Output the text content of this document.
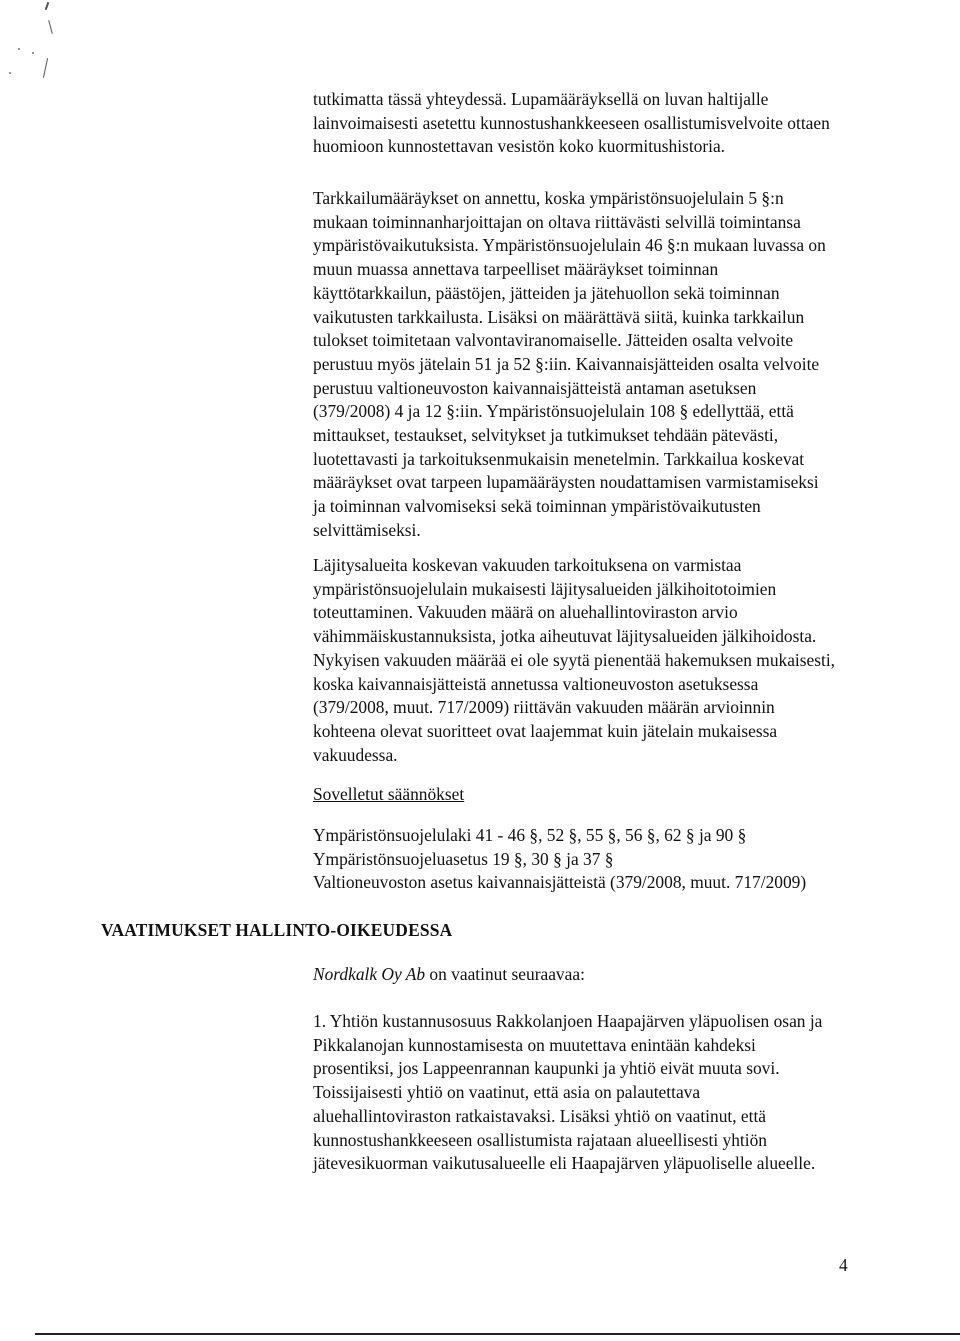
tutkimatta tässä yhteydessä. Lupamääräyksellä on luvan haltijalle
lainvoimaisesti asetettu kunnostushankkeeseen osallistumisvelvoite ottaen
huomioon kunnostettavan vesistön koko kuormitushistoria.
Tarkkailumääräykset on annettu, koska ympäristönsuojelulain 5 §:n
mukaan toiminnanharjoittajan on oltava riittävästi selvillä toimintansa
ympäristövaikutuksista. Ympäristönsuojelulain 46 §:n mukaan luvassa on
muun muassa annettava tarpeelliset määräykset toiminnan
käyttötarkkailun, päästöjen, jätteiden ja jätehuollon sekä toiminnan
vaikutusten tarkkailusta. Lisäksi on määrättävä siitä, kuinka tarkkailun
tulokset toimitetaan valvontaviranomaiselle. Jätteiden osalta velvoite
perustuu myös jätelain 51 ja 52 §:iin. Kaivannaisjätteiden osalta velvoite
perustuu valtioneuvoston kaivannaisjätteistä antaman asetuksen
(379/2008) 4 ja 12 §:iin. Ympäristönsuojelulain 108 § edellyttää, että
mittaukset, testaukset, selvitykset ja tutkimukset tehdään pätevästi,
luotettavasti ja tarkoituksenmukaisin menetelmin. Tarkkailua koskevat
määräykset ovat tarpeen lupamääräysten noudattamisen varmistamiseksi
ja toiminnan valvomiseksi sekä toiminnan ympäristövaikutusten
selvittämiseksi.
Läjitysalueita koskevan vakuuden tarkoituksena on varmistaa
ympäristönsuojelulain mukaisesti läjitysalueiden jälkihoitotoimien
toteuttaminen. Vakuuden määrä on aluehallintoviraston arvio
vähimmäiskustannuksista, jotka aiheutuvat läjitysalueiden jälkihoidosta.
Nykyisen vakuuden määrää ei ole syytä pienentää hakemuksen mukaisesti,
koska kaivannaisjätteistä annetussa valtioneuvoston asetuksessa
(379/2008, muut. 717/2009) riittävän vakuuden määrän arvioinnin
kohteena olevat suoritteet ovat laajemmat kuin jätelain mukaisessa
vakuudessa.

Sovelletut säännökset

Ympäristönsuojelulaki 41 - 46 §, 52 §, 55 §, 56 §, 62 § ja 90 §
Ympäristönsuojeluasetus 19 §, 30 § ja 37 §
Valtioneuvoston asetus kaivannaisjätteistä (379/2008, muut. 717/2009)

VAATIMUKSET HALLINTO-OIKEUDESSA

Nordkalk Oy Ab on vaatinut seuraavaa:

1. Yhtiön kustannusosuus Rakkolanjoen Haapajärven yläpuolisen osan ja
Pikkalanojan kunnostamisesta on muutettava enintään kahdeksi
prosentiksi, jos Lappeenrannan kaupunki ja yhtiö eivät muuta sovi.
Toissijaisesti yhtiö on vaatinut, että asia on palautettava
aluehallintoviraston ratkaistavaksi. Lisäksi yhtiö on vaatinut, että
kunnostushankkeeseen osallistumista rajataan alueellisesti yhtiön
jätevesikuorman vaikutusalueelle eli Haapajärven yläpuoliselle alueelle.

4
